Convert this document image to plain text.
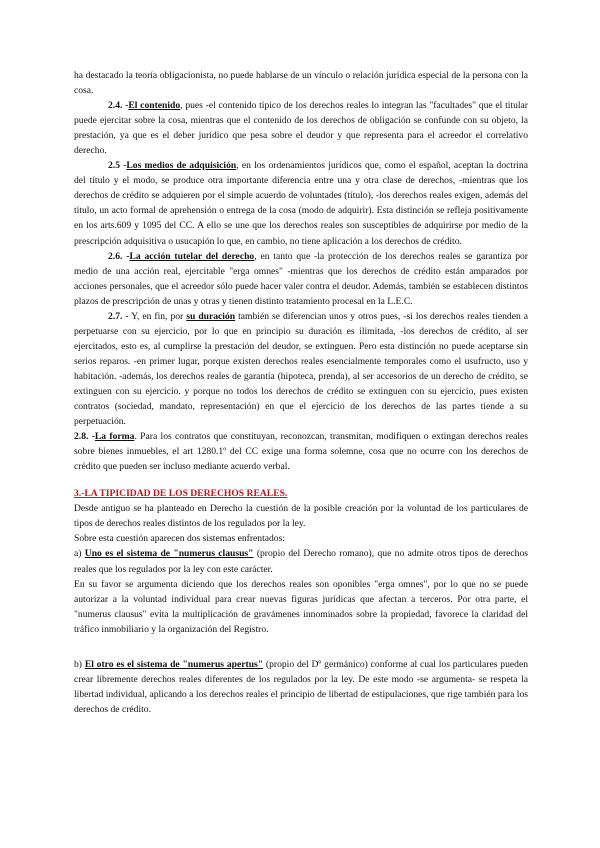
ha destacado la teoría obligacionista, no puede hablarse de un vínculo o relación jurídica especial de la persona con la cosa.

2.4. -El contenido, pues -el contenido típico de los derechos reales lo integran las "facultades" que el titular puede ejercitar sobre la cosa, mientras que el contenido de los derechos de obligación se confunde con su objeto, la prestación, ya que es el deber jurídico que pesa sobre el deudor y que representa para el acreedor el correlativo derecho.

2.5 -Los medios de adquisición, en los ordenamientos jurídicos que, como el español, aceptan la doctrina del título y el modo, se produce otra importante diferencia entre una y otra clase de derechos, -mientras que los derechos de crédito se adquieren por el simple acuerdo de voluntades (título), -los derechos reales exigen, además del título, un acto formal de aprehensión o entrega de la cosa (modo de adquirir). Esta distinción se refleja positivamente en los arts.609 y 1095 del CC. A ello se une que los derechos reales son susceptibles de adquirirse por medio de la prescripción adquisitiva o usucapión lo que, en cambio, no tiene aplicación a los derechos de crédito.

2.6. -La acción tutelar del derecho, en tanto que -la protección de los derechos reales se garantiza por medio de una acción real, ejercitable "erga omnes" -mientras que los derechos de crédito están amparados por acciones personales, que el acreedor sólo puede hacer valer contra el deudor. Además, también se establecen distintos plazos de prescripción de unas y otras y tienen distinto tratamiento procesal en la L.E.C.

2.7. - Y, en fin, por su duración también se diferencian unos y otros pues, -si los derechos reales tienden a perpetuarse con su ejercicio, por lo que en principio su duración es ilimitada, -los derechos de crédito, al ser ejercitados, esto es, al cumplirse la prestación del deudor, se extinguen. Pero esta distinción no puede aceptarse sin serios reparos. -en primer lugar, porque existen derechos reales esencialmente temporales como el usufructo, uso y habitación. -además, los derechos reales de garantía (hipoteca, prenda), al ser accesorios de un derecho de crédito, se extinguen con su ejercicio. y porque no todos los derechos de crédito se extinguen con su ejercicio, pues existen contratos (sociedad, mandato, representación) en que el ejercicio de los derechos de las partes tiende a su perpetuación.

2.8. -La forma. Para los contratos que constituyan, reconozcan, transmitan, modifiquen o extingan derechos reales sobre bienes inmuebles, el art 1280.1º del CC exige una forma solemne, cosa que no ocurre con los derechos de crédito que pueden ser incluso mediante acuerdo verbal.

3.-LA TIPICIDAD DE LOS DERECHOS REALES.

Desde antiguo se ha planteado en Derecho la cuestión de la posible creación por la voluntad de los particulares de tipos de derechos reales distintos de los regulados por la ley.

Sobre esta cuestión aparecen dos sistemas enfrentados:

a) Uno es el sistema de "numerus clausus" (propio del Derecho romano), que no admite otros tipos de derechos reales que los regulados por la ley con este carácter.

En su favor se argumenta diciendo que los derechos reales son oponibles "erga omnes", por lo que no se puede autorizar a la voluntad individual para crear nuevas figuras jurídicas que afectan a terceros. Por otra parte, el "numerus clausus" evita la multiplicación de gravámenes innominados sobre la propiedad, favorece la claridad del tráfico inmobiliario y la organización del Registro.

b) El otro es el sistema de "numerus apertus" (propio del Dº germánico) conforme al cual los particulares pueden crear libremente derechos reales diferentes de los regulados por la ley. De este modo -se argumenta- se respeta la libertad individual, aplicando a los derechos reales el principio de libertad de estipulaciones, que rige también para los derechos de crédito.
